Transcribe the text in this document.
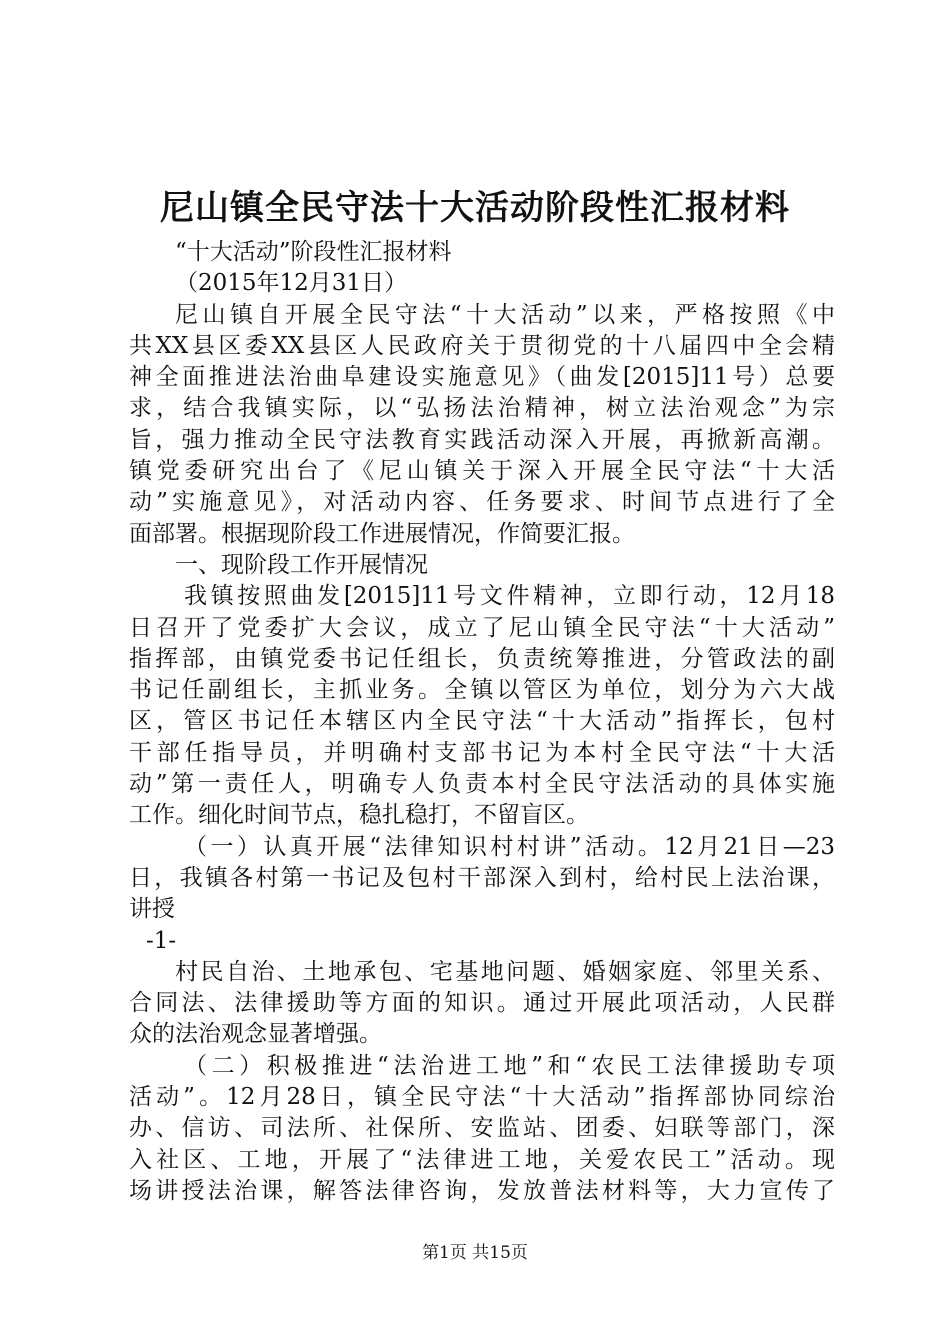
尼山镇全民守法十大活动阶段性汇报材料
“十大活动”阶段性汇报材料
（2015年12月31日）
尼山镇自开展全民守法“十大活动”以来，严格按照《中
共XX县区委XX县区人民政府关于贯彻党的十八届四中全会精
神全面推进法治曲阜建设实施意见》（曲发[2015]11号）总要
求，结合我镇实际，以“弘扬法治精神，树立法治观念”为宗
旨，强力推动全民守法教育实践活动深入开展，再掀新高潮。
镇党委研究出台了《尼山镇关于深入开展全民守法“十大活
动”实施意见》，对活动内容、任务要求、时间节点进行了全
面部署。根据现阶段工作进展情况，作简要汇报。
一、现阶段工作开展情况
我镇按照曲发[2015]11号文件精神，立即行动，12月18
日召开了党委扩大会议，成立了尼山镇全民守法“十大活动”
指挥部，由镇党委书记任组长，负责统筹推进，分管政法的副
书记任副组长，主抓业务。全镇以管区为单位，划分为六大战
区，管区书记任本辖区内全民守法“十大活动”指挥长，包村
干部任指导员，并明确村支部书记为本村全民守法“十大活
动”第一责任人，明确专人负责本村全民守法活动的具体实施
工作。细化时间节点，稳扎稳打，不留盲区。
（一）认真开展“法律知识村村讲”活动。12月21日—23
日，我镇各村第一书记及包村干部深入到村，给村民上法治课，
讲授
-1-
村民自治、土地承包、宅基地问题、婚姻家庭、邻里关系、
合同法、法律援助等方面的知识。通过开展此项活动，人民群
众的法治观念显著增强。
（二）积极推进“法治进工地”和“农民工法律援助专项
活动”。12月28日，镇全民守法“十大活动”指挥部协同综治
办、信访、司法所、社保所、安监站、团委、妇联等部门，深
入社区、工地，开展了“法律进工地，关爱农民工”活动。现
场讲授法治课，解答法律咨询，发放普法材料等，大力宣传了
第1页 共15页
